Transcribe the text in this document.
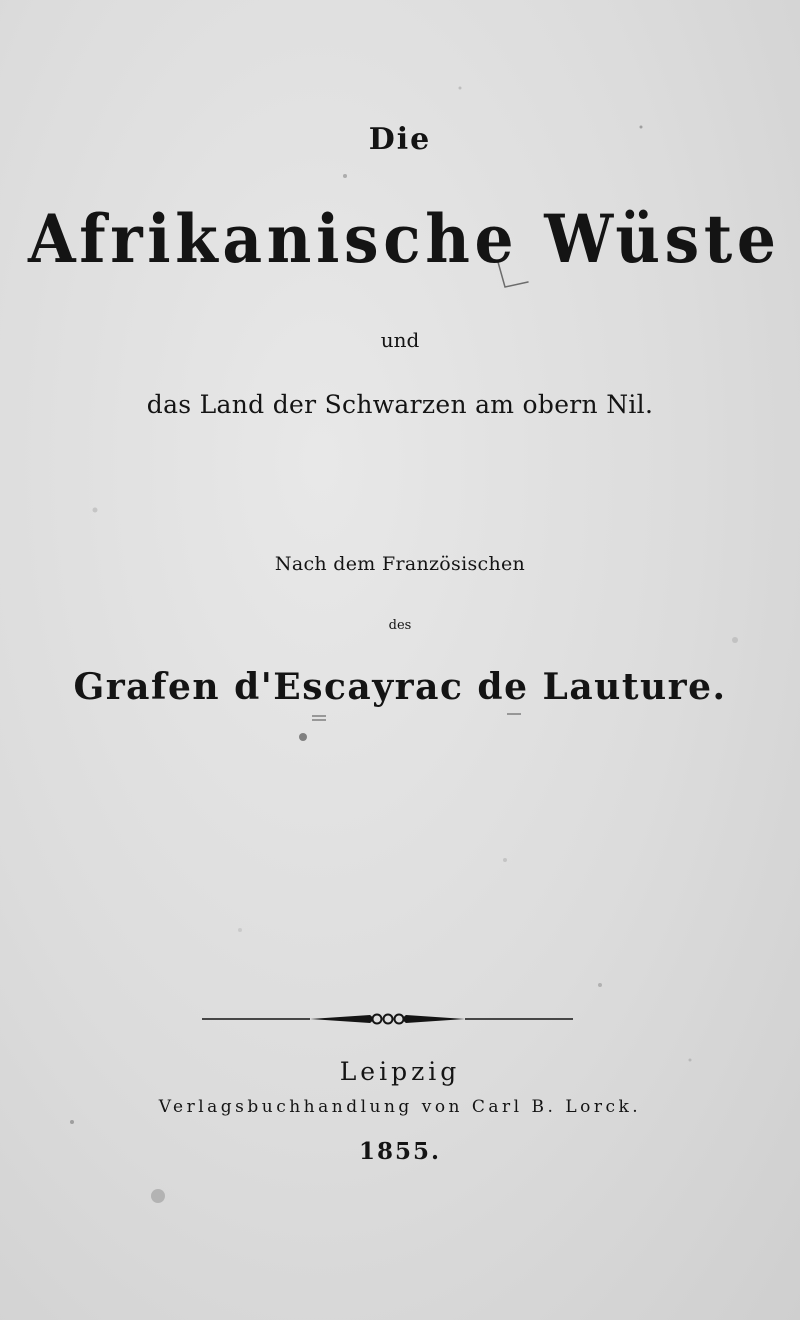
Die
Afrikanische Wüste
und
das Land der Schwarzen am obern Nil.
Nach dem Französischen
des
Grafen d'Escayrac de Lauture.
Leipzig
Verlagsbuchhandlung von Carl B. Lorck.
1855.
